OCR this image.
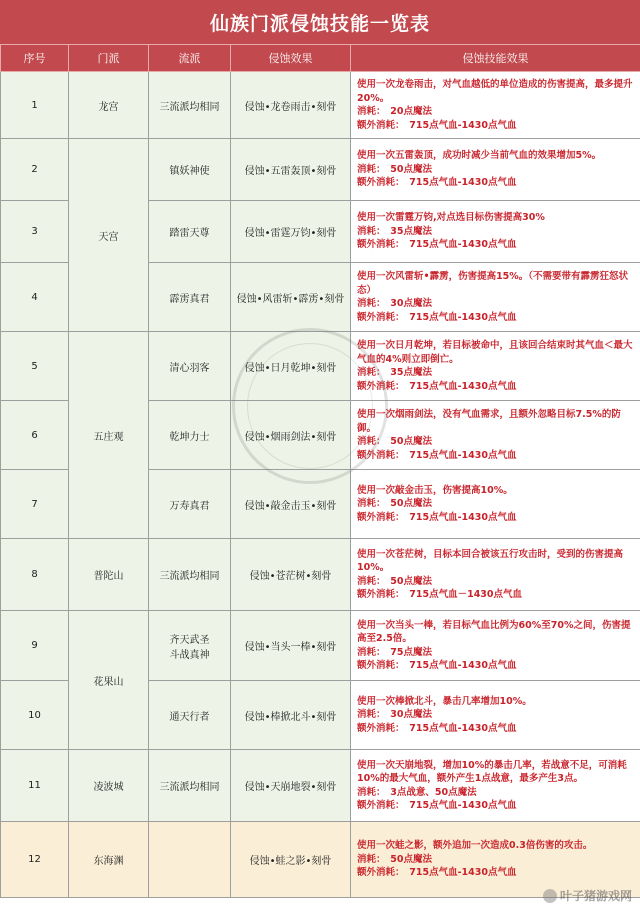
仙族门派侵蚀技能一览表
序号	门派	流派	侵蚀效果	侵蚀技能效果
1	龙宫	三流派均相同	侵蚀•龙卷雨击•刻骨	使用一次龙卷雨击，对气血越低的单位造成的伤害提高，最多提升20%。
消耗：　20点魔法
额外消耗：　715点气血-1430点气血

2	天宫	镇妖神使	侵蚀•五雷轰顶•刻骨	使用一次五雷轰顶，成功时减少当前气血的效果增加5%。
消耗：　50点魔法
额外消耗：　715点气血-1430点气血

3		踏雷天尊	侵蚀•雷霆万钧•刻骨	使用一次雷霆万钧,对点选目标伤害提高30%
消耗：　35点魔法
额外消耗：　715点气血-1430点气血

4		霹雳真君	侵蚀•风雷斩•霹雳•刻骨	使用一次风雷斩•霹雳，伤害提高15%。（不需要带有霹雳狂怒状态）
消耗：　30点魔法
额外消耗：　715点气血-1430点气血

5	五庄观	清心羽客	侵蚀•日月乾坤•刻骨	使用一次日月乾坤，若目标被命中，且该回合结束时其气血＜最大气血的4%则立即倒亡。
消耗：　35点魔法
额外消耗：　715点气血-1430点气血

6		乾坤力士	侵蚀•烟雨剑法•刻骨	使用一次烟雨剑法，没有气血需求，且额外忽略目标7.5%的防御。
消耗：　50点魔法
额外消耗：　715点气血-1430点气血

7		万寿真君	侵蚀•敲金击玉•刻骨	使用一次敲金击玉，伤害提高10%。
消耗：　50点魔法
额外消耗：　715点气血-1430点气血

8	普陀山	三流派均相同	侵蚀•苍茫树•刻骨	使用一次苍茫树，目标本回合被该五行攻击时，受到的伤害提高10%。
消耗：　50点魔法
额外消耗：　715点气血－1430点气血

9	花果山	齐天武圣
斗战真神	侵蚀•当头一棒•刻骨	使用一次当头一棒，若目标气血比例为60%至70%之间，伤害提高至2.5倍。
消耗：　75点魔法
额外消耗：　715点气血-1430点气血

10		通天行者	侵蚀•棒掀北斗•刻骨	使用一次棒掀北斗，暴击几率增加10%。
消耗：　30点魔法
额外消耗：　715点气血-1430点气血

11	凌波城	三流派均相同	侵蚀•天崩地裂•刻骨	使用一次天崩地裂，增加10%的暴击几率，若战意不足，可消耗10%的最大气血，额外产生1点战意，最多产生3点。
消耗：　3点战意、50点魔法
额外消耗：　715点气血-1430点气血

12	东海渊		侵蚀•蛙之影•刻骨	使用一次蛙之影，额外追加一次造成0.3倍伤害的攻击。
消耗：　50点魔法
额外消耗：　715点气血-1430点气血
叶子猪游戏网
